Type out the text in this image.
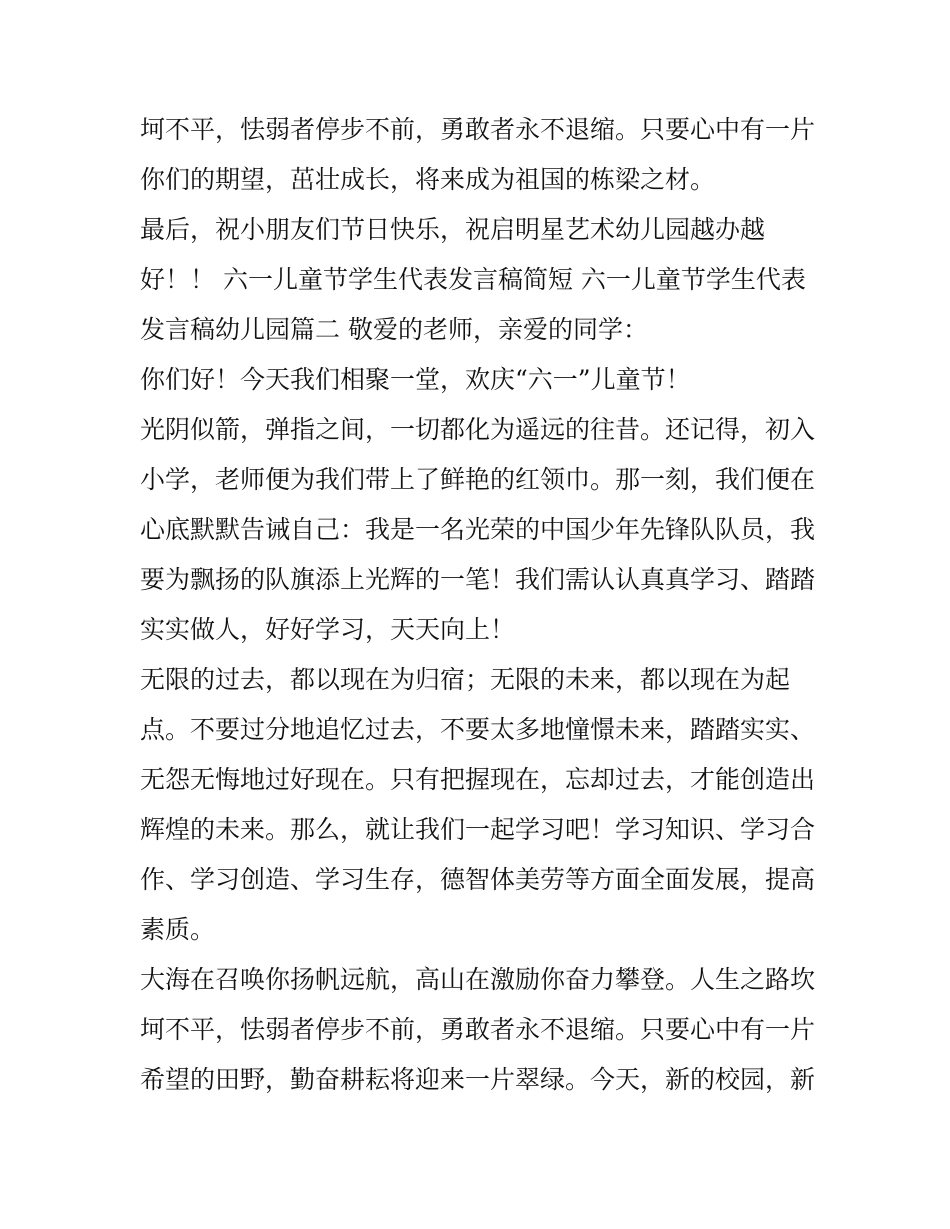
坷不平，怯弱者停步不前，勇敢者永不退缩。只要心中有一片

你们的期望，茁壮成长，将来成为祖国的栋梁之材。

最后，祝小朋友们节日快乐，祝启明星艺术幼儿园越办越

好！！ 六一儿童节学生代表发言稿简短 六一儿童节学生代表

发言稿幼儿园篇二 敬爱的老师，亲爱的同学：

你们好！今天我们相聚一堂，欢庆“六一”儿童节！

光阴似箭，弹指之间，一切都化为遥远的往昔。还记得，初入

小学，老师便为我们带上了鲜艳的红领巾。那一刻，我们便在

心底默默告诫自己：我是一名光荣的中国少年先锋队队员，我

要为飘扬的队旗添上光辉的一笔！我们需认认真真学习、踏踏

实实做人，好好学习，天天向上！

无限的过去，都以现在为归宿；无限的未来，都以现在为起

点。不要过分地追忆过去，不要太多地憧憬未来，踏踏实实、

无怨无悔地过好现在。只有把握现在，忘却过去，才能创造出

辉煌的未来。那么，就让我们一起学习吧！学习知识、学习合

作、学习创造、学习生存，德智体美劳等方面全面发展，提高

素质。

大海在召唤你扬帆远航，高山在激励你奋力攀登。人生之路坎

坷不平，怯弱者停步不前，勇敢者永不退缩。只要心中有一片

希望的田野，勤奋耕耘将迎来一片翠绿。今天，新的校园，新
